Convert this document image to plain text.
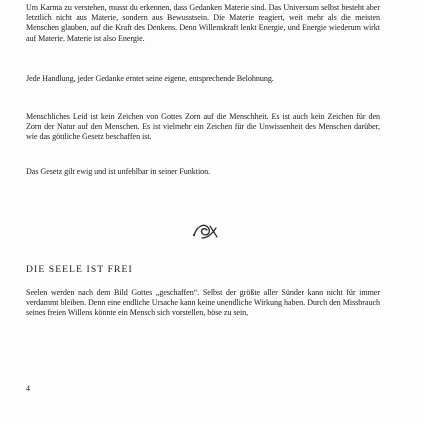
Um Karma zu verstehen, musst du erkennen, dass Gedanken Materie sind. Das Universum selbst besteht aber letztlich nicht aus Materie, sondern aus Bewusstsein. Die Materie reagiert, weit mehr als die meisten Menschen glauben, auf die Kraft des Denkens. Denn Willenskraft lenkt Energie, und Energie wiederum wirkt auf Materie. Materie ist also Energie.

Jede Handlung, jeder Gedanke erntet seine eigene, entsprechende Belohnung.

Menschliches Leid ist kein Zeichen von Gottes Zorn auf die Menschheit. Es ist auch kein Zeichen für den Zorn der Natur auf den Menschen. Es ist vielmehr ein Zeichen für die Unwissenheit des Menschen darüber, wie das göttliche Gesetz beschaffen ist.

Das Gesetz gilt ewig und ist unfehlbar in seiner Funktion.

DIE SEELE IST FREI

Seelen werden nach dem Bild Gottes „geschaffen“. Selbst der größte aller Sünder kann nicht für immer verdammt bleiben. Denn eine endliche Ursache kann keine unendliche Wirkung haben. Durch den Missbrauch seines freien Willens könnte ein Mensch sich vorstellen, böse zu sein,

4
